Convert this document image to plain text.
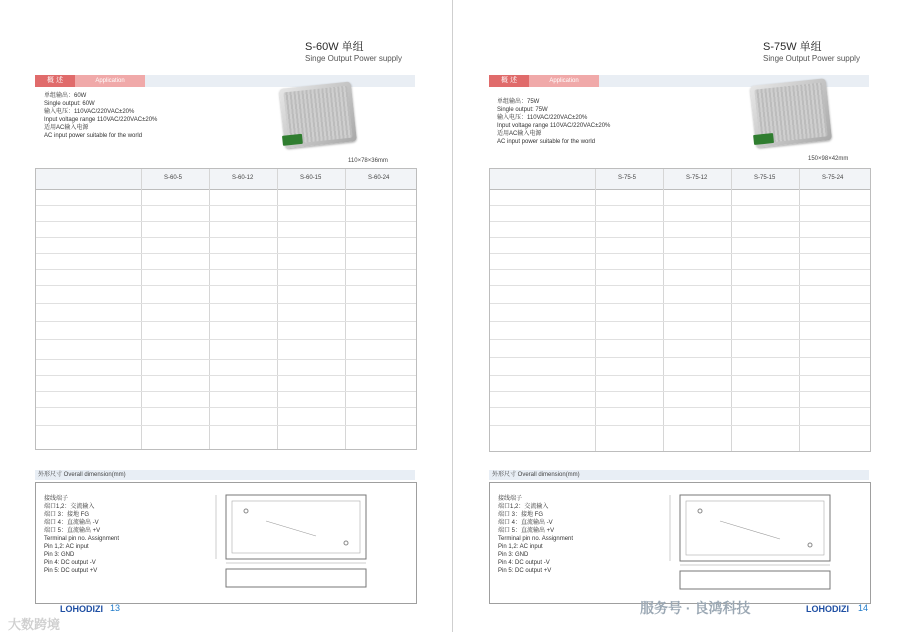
S-60W 单组
Singe Output Power supply
概 述	Application
单组输出：60W
Single output: 60W
输入电压：110VAC/220VAC±20%
Input voltage range 110VAC/220VAC±20%
适用AC输入电源
AC input power suitable for the world
110×78×36mm
S-60-5	S-60-12	S-60-15	S-60-24
外形尺寸 Overall dimension(mm)
接线端子
端口1,2：交流输入
端口 3：接地 FG
端口 4：直流输出 -V
端口 5：直流输出 +V
Terminal pin no. Assignment
Pin 1,2: AC input
Pin 3: GND
Pin 4: DC output -V
Pin 5: DC output +V
LOHODIZI 13
S-75W 单组
Singe Output Power supply
概 述	Application
单组输出：75W
Single output: 75W
输入电压：110VAC/220VAC±20%
Input voltage range 110VAC/220VAC±20%
适用AC输入电源
AC input power suitable for the world
150×98×42mm
S-75-5	S-75-12	S-75-15	S-75-24
外形尺寸 Overall dimension(mm)
接线端子
端口1,2：交流输入
端口 3：接地 FG
端口 4：直流输出 -V
端口 5：直流输出 +V
Terminal pin no. Assignment
Pin 1,2: AC input
Pin 3: GND
Pin 4: DC output -V
Pin 5: DC output +V
LOHODIZI 14
大数跨境
服务号 · 良鸿科技
